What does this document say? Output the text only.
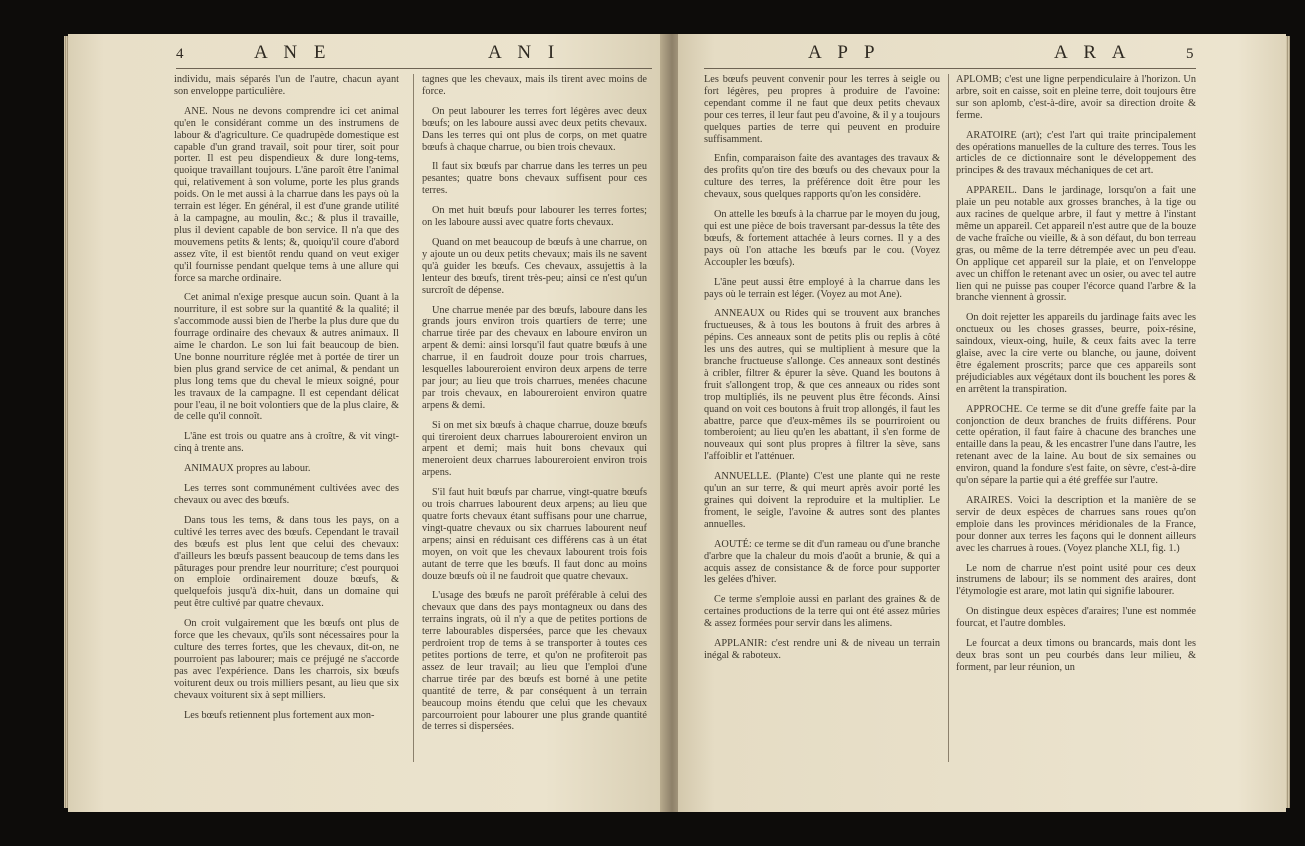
4	A N E	A N I

individu, mais séparés l'un de l'autre, chacun ayant son enveloppe particulière.

ANE. Nous ne devons comprendre ici cet animal qu'en le considérant comme un des instrumens de labour & d'agriculture. Ce quadrupède domestique est capable d'un grand travail, soit pour tirer, soit pour porter. Il est peu dispendieux & dure long-tems, quoique travaillant toujours. L'âne paroît être l'animal qui, relativement à son volume, porte les plus grands poids. On le met aussi à la charrue dans les pays où la terrain est léger. En général, il est d'une grande utilité à la campagne, au moulin, &c.; & plus il travaille, plus il devient capable de bon service. Il n'a que des mouvemens petits & lents; &, quoiqu'il coure d'abord assez vîte, il est bientôt rendu quand on veut exiger qu'il fournisse pendant quelque tems à une allure qui force sa marche ordinaire.

Cet animal n'exige presque aucun soin. Quant à la nourriture, il est sobre sur la quantité & la qualité; il s'accommode aussi bien de l'herbe la plus dure que du fourrage ordinaire des chevaux & autres animaux. Il aime le chardon. Le son lui fait beaucoup de bien. Une bonne nourriture réglée met à portée de tirer un bien plus grand service de cet animal, & pendant un plus long tems que du cheval le mieux soigné, pour les travaux de la campagne. Il est cependant délicat pour l'eau, il ne boit volontiers que de la plus claire, & de celle qu'il connoît.

L'âne est trois ou quatre ans à croître, & vit vingt-cinq à trente ans.

ANIMAUX propres au labour.

Les terres sont communément cultivées avec des chevaux ou avec des bœufs.

Dans tous les tems, & dans tous les pays, on a cultivé les terres avec des bœufs. Cependant le travail des bœufs est plus lent que celui des chevaux: d'ailleurs les bœufs passent beaucoup de tems dans les pâturages pour prendre leur nourriture; c'est pourquoi on emploie ordinairement douze bœufs, & quelquefois jusqu'à dix-huit, dans un domaine qui peut être cultivé par quatre chevaux.

On croit vulgairement que les bœufs ont plus de force que les chevaux, qu'ils sont nécessaires pour la culture des terres fortes, que les chevaux, dit-on, ne pourroient pas labourer; mais ce préjugé ne s'accorde pas avec l'expérience. Dans les charrois, six bœufs voiturent deux ou trois milliers pesant, au lieu que six chevaux voiturent six à sept milliers.

Les bœufs retiennent plus fortement aux mon-

tagnes que les chevaux, mais ils tirent avec moins de force.

On peut labourer les terres fort légères avec deux bœufs; on les laboure aussi avec deux petits chevaux. Dans les terres qui ont plus de corps, on met quatre bœufs à chaque charrue, ou bien trois chevaux.

Il faut six bœufs par charrue dans les terres un peu pesantes; quatre bons chevaux suffisent pour ces terres.

On met huit bœufs pour labourer les terres fortes; on les laboure aussi avec quatre forts chevaux.

Quand on met beaucoup de bœufs à une charrue, on y ajoute un ou deux petits chevaux; mais ils ne savent qu'à guider les bœufs. Ces chevaux, assujettis à la lenteur des bœufs, tirent très-peu; ainsi ce n'est qu'un surcroît de dépense.

Une charrue menée par des bœufs, laboure dans les grands jours environ trois quartiers de terre; une charrue tirée par des chevaux en laboure environ un arpent & demi: ainsi lorsqu'il faut quatre bœufs à une charrue, il en faudroit douze pour trois charrues, lesquelles laboureroient environ deux arpens de terre par jour; au lieu que trois charrues, menées chacune par trois chevaux, en laboureroient environ quatre arpens & demi.

Si on met six bœufs à chaque charrue, douze bœufs qui tireroient deux charrues laboureroient environ un arpent et demi; mais huit bons chevaux qui meneroient deux charrues laboureroient environ trois arpens.

S'il faut huit bœufs par charrue, vingt-quatre bœufs ou trois charrues labourent deux arpens; au lieu que quatre forts chevaux étant suffisans pour une charrue, vingt-quatre chevaux ou six charrues labourent neuf arpens; ainsi en réduisant ces différens cas à un état moyen, on voit que les chevaux labourent trois fois autant de terre que les bœufs. Il faut donc au moins douze bœufs où il ne faudroit que quatre chevaux.

L'usage des bœufs ne paroît préférable à celui des chevaux que dans des pays montagneux ou dans des terrains ingrats, où il n'y a que de petites portions de terre labourables dispersées, parce que les chevaux perdroient trop de tems à se transporter à toutes ces petites portions de terre, et qu'on ne profiteroit pas assez de leur travail; au lieu que l'emploi d'une charrue tirée par des bœufs est borné à une petite quantité de terre, & par conséquent à un terrain beaucoup moins étendu que celui que les chevaux parcourroient pour labourer une plus grande quantité de terres si dispersées.

A P P	A R A	5

Les bœufs peuvent convenir pour les terres à seigle ou fort légères, peu propres à produire de l'avoine: cependant comme il ne faut que deux petits chevaux pour ces terres, il leur faut peu d'avoine, & il y a toujours quelques parties de terre qui peuvent en produire suffisamment.

Enfin, comparaison faite des avantages des travaux & des profits qu'on tire des bœufs ou des chevaux pour la culture des terres, la préférence doit être pour les chevaux, sous quelques rapports qu'on les considère.

On attelle les bœufs à la charrue par le moyen du joug, qui est une pièce de bois traversant par-dessus la tête des bœufs, & fortement attachée à leurs cornes. Il y a des pays où l'on attache les bœufs par le cou. (Voyez Accoupler les bœufs).

L'âne peut aussi être employé à la charrue dans les pays où le terrain est léger. (Voyez au mot Ane).

ANNEAUX ou Rides qui se trouvent aux branches fructueuses, & à tous les boutons à fruit des arbres à pépins. Ces anneaux sont de petits plis ou replis à côté les uns des autres, qui se multiplient à mesure que la branche fructueuse s'allonge. Ces anneaux sont destinés à cribler, filtrer & épurer la sève. Quand les boutons à fruit s'allongent trop, & que ces anneaux ou rides sont trop multipliés, ils ne peuvent plus être féconds. Ainsi quand on voit ces boutons à fruit trop allongés, il faut les abattre, parce que d'eux-mêmes ils se pourriroient ou tomberoient; au lieu qu'en les abattant, il s'en forme de nouveaux qui sont plus propres à filtrer la sève, sans l'affoiblir et l'atténuer.

ANNUELLE. (Plante) C'est une plante qui ne reste qu'un an sur terre, & qui meurt après avoir porté les graines qui doivent la reproduire et la multiplier. Le froment, le seigle, l'avoine & autres sont des plantes annuelles.

AOUTÉ: ce terme se dit d'un rameau ou d'une branche d'arbre que la chaleur du mois d'août a brunie, & qui a acquis assez de consistance & de force pour supporter les gelées d'hiver.

Ce terme s'emploie aussi en parlant des graines & de certaines productions de la terre qui ont été assez mûries & assez formées pour servir dans les alimens.

APPLANIR: c'est rendre uni & de niveau un terrain inégal & raboteux.

APLOMB; c'est une ligne perpendiculaire à l'horizon. Un arbre, soit en caisse, soit en pleine terre, doit toujours être sur son aplomb, c'est-à-dire, avoir sa direction droite & ferme.

ARATOIRE (art); c'est l'art qui traite principalement des opérations manuelles de la culture des terres. Tous les articles de ce dictionnaire sont le développement des principes & des travaux méchaniques de cet art.

APPAREIL. Dans le jardinage, lorsqu'on a fait une plaie un peu notable aux grosses branches, à la tige ou aux racines de quelque arbre, il faut y mettre à l'instant même un appareil. Cet appareil n'est autre que de la bouze de vache fraîche ou vieille, & à son défaut, du bon terreau gras, ou même de la terre détrempée avec un peu d'eau. On applique cet appareil sur la plaie, et on l'enveloppe avec un chiffon le retenant avec un osier, ou avec tel autre lien qui ne puisse pas couper l'écorce quand l'arbre & la branche viennent à grossir.

On doit rejetter les appareils du jardinage faits avec les onctueux ou les choses grasses, beurre, poix-résine, saindoux, vieux-oing, huile, & ceux faits avec la terre glaise, avec la cire verte ou blanche, ou jaune, doivent être également proscrits; parce que ces appareils sont préjudiciables aux végétaux dont ils bouchent les pores & en arrêtent la transpiration.

APPROCHE. Ce terme se dit d'une greffe faite par la conjonction de deux branches de fruits différens. Pour cette opération, il faut faire à chacune des branches une entaille dans la peau, & les encastrer l'une dans l'autre, les retenant avec de la laine. Au bout de six semaines ou environ, quand la fondure s'est faite, on sèvre, c'est-à-dire qu'on sépare la partie qui a été greffée sur l'autre.

ARAIRES. Voici la description et la manière de se servir de deux espèces de charrues sans roues qu'on emploie dans les provinces méridionales de la France, pour donner aux terres les façons qui le donnent ailleurs avec les charrues à roues. (Voyez planche XLI, fig. 1.)

Le nom de charrue n'est point usité pour ces deux instrumens de labour; ils se nomment des araires, dont l'étymologie est arare, mot latin qui signifie labourer.

On distingue deux espèces d'araires; l'une est nommée fourcat, et l'autre dombles.

Le fourcat a deux timons ou brancards, mais dont les deux bras sont un peu courbés dans leur milieu, & forment, par leur réunion, un
